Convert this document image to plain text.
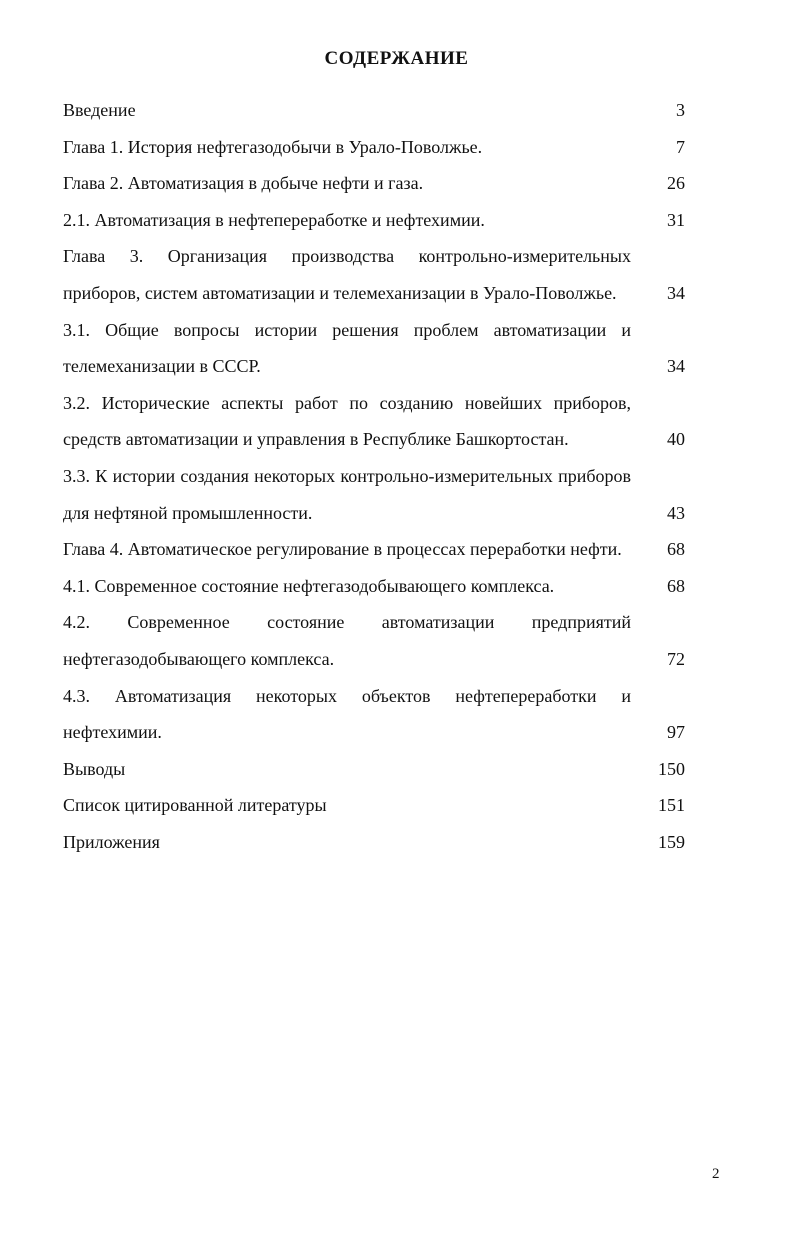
СОДЕРЖАНИЕ
Введение	3
Глава 1. История нефтегазодобычи в Урало-Поволжье.	7
Глава 2. Автоматизация в добыче нефти и газа.	26
2.1. Автоматизация в нефтепереработке и нефтехимии.	31
Глава 3. Организация производства контрольно-измерительных приборов, систем автоматизации и телемеханизации в Урало-Поволжье.	34
3.1. Общие вопросы истории решения проблем автоматизации и телемеханизации в СССР.	34
3.2. Исторические аспекты работ по созданию новейших приборов, средств автоматизации и управления в Республике Башкортостан.	40
3.3. К истории создания некоторых контрольно-измерительных приборов для нефтяной промышленности.	43
Глава 4. Автоматическое регулирование в процессах переработки нефти.	68
4.1. Современное состояние нефтегазодобывающего комплекса.	68
4.2. Современное состояние автоматизации предприятий нефтегазодобывающего комплекса.	72
4.3. Автоматизация некоторых объектов нефтепереработки и нефтехимии.	97
Выводы	150
Список цитированной литературы	151
Приложения	159
2
